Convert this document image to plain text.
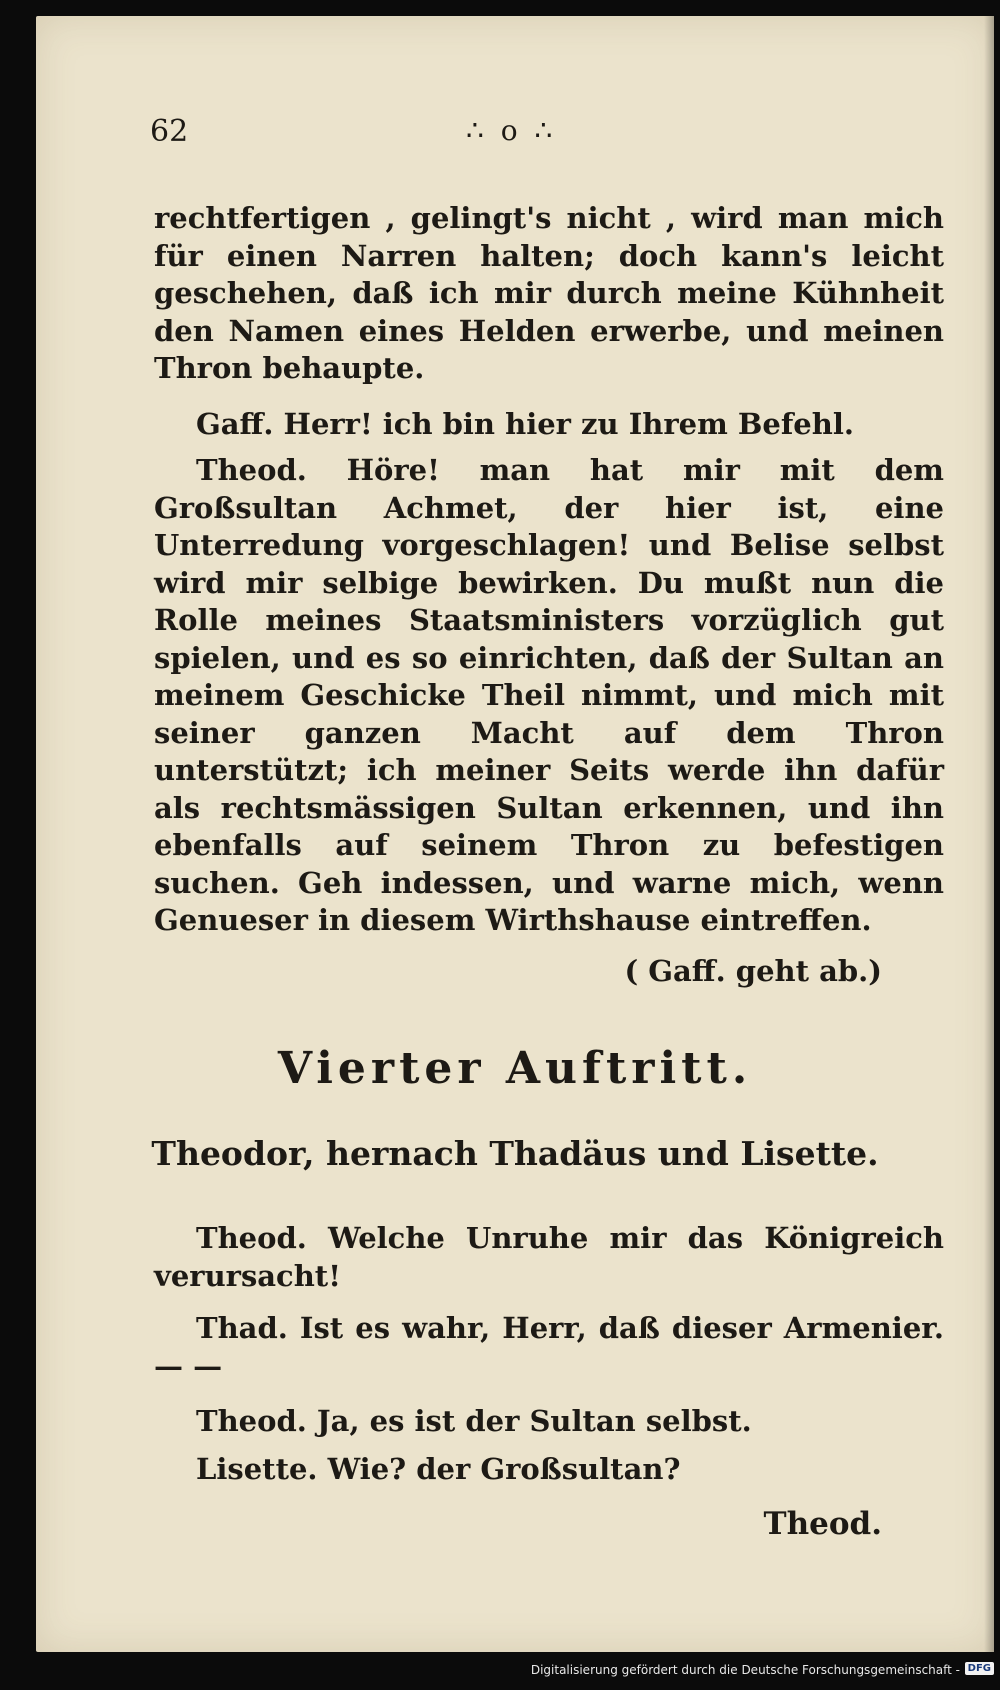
62	∴ o ∴

rechtfertigen , gelingt's nicht , wird man mich für einen Narren halten; doch kann's leicht geschehen, daß ich mir durch meine Kühnheit den Namen eines Helden erwerbe, und meinen Thron behaupte.

Gaff. Herr! ich bin hier zu Ihrem Befehl.

Theod. Höre! man hat mir mit dem Großsultan Achmet, der hier ist, eine Unterredung vorgeschlagen! und Belise selbst wird mir selbige bewirken. Du mußt nun die Rolle meines Staatsministers vorzüglich gut spielen, und es so einrichten, daß der Sultan an meinem Geschicke Theil nimmt, und mich mit seiner ganzen Macht auf dem Thron unterstützt; ich meiner Seits werde ihn dafür als rechtsmässigen Sultan erkennen, und ihn ebenfalls auf seinem Thron zu befestigen suchen. Geh indessen, und warne mich, wenn Genueser in diesem Wirthshause eintreffen.

( Gaff. geht ab.)
Vierter Auftritt.
Theodor, hernach Thadäus und Lisette.

Theod. Welche Unruhe mir das Königreich verursacht!

Thad. Ist es wahr, Herr, daß dieser Armenier. — —

Theod. Ja, es ist der Sultan selbst.

Lisette. Wie? der Großsultan?

Theod.
Digitalisierung gefördert durch die Deutsche Forschungsgemeinschaft - DFG
